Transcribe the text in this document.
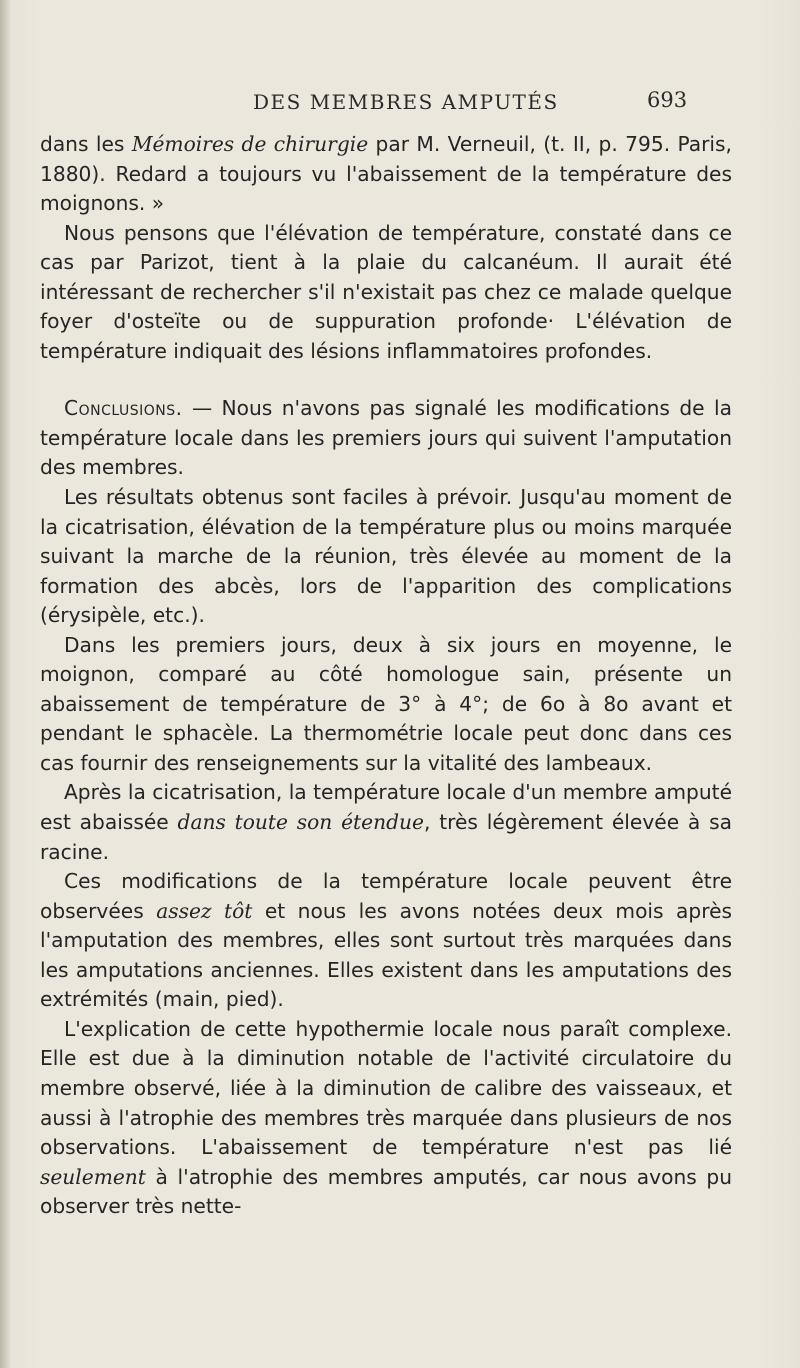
DES MEMBRES AMPUTÉS	693

dans les Mémoires de chirurgie par M. Verneuil, (t. II, p. 795. Paris, 1880). Redard a toujours vu l'abaissement de la température des moignons. »

Nous pensons que l'élévation de température, constaté dans ce cas par Parizot, tient à la plaie du calcanéum. Il aurait été intéressant de rechercher s'il n'existait pas chez ce malade quelque foyer d'osteïte ou de suppuration profonde· L'élévation de température indiquait des lésions inflammatoires profondes.

Conclusions. — Nous n'avons pas signalé les modifications de la température locale dans les premiers jours qui suivent l'amputation des membres.

Les résultats obtenus sont faciles à prévoir. Jusqu'au moment de la cicatrisation, élévation de la température plus ou moins marquée suivant la marche de la réunion, très élevée au moment de la formation des abcès, lors de l'apparition des complications (érysipèle, etc.).

Dans les premiers jours, deux à six jours en moyenne, le moignon, comparé au côté homologue sain, présente un abaissement de température de 3° à 4°; de 6o à 8o avant et pendant le sphacèle. La thermométrie locale peut donc dans ces cas fournir des renseignements sur la vitalité des lambeaux.

Après la cicatrisation, la température locale d'un membre amputé est abaissée dans toute son étendue, très légèrement élevée à sa racine.

Ces modifications de la température locale peuvent être observées assez tôt et nous les avons notées deux mois après l'amputation des membres, elles sont surtout très marquées dans les amputations anciennes. Elles existent dans les amputations des extrémités (main, pied).

L'explication de cette hypothermie locale nous paraît complexe. Elle est due à la diminution notable de l'activité circulatoire du membre observé, liée à la diminution de calibre des vaisseaux, et aussi à l'atrophie des membres très marquée dans plusieurs de nos observations. L'abaissement de température n'est pas lié seulement à l'atrophie des membres amputés, car nous avons pu observer très nette-
